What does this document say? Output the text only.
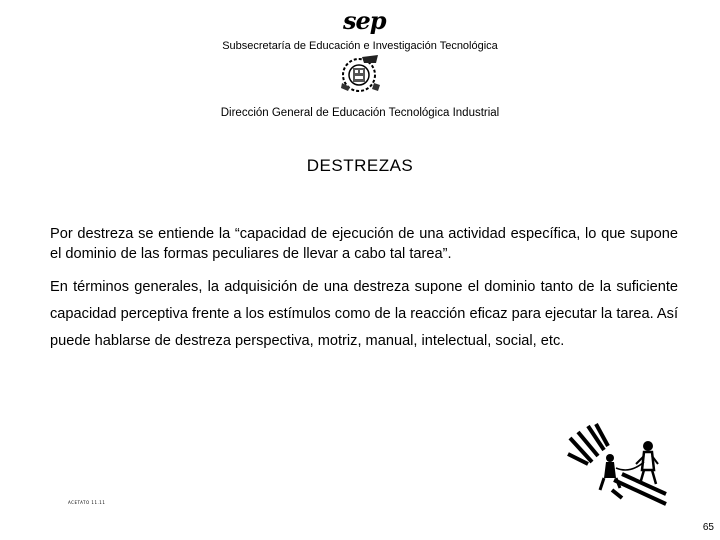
sep
Subsecretaría de Educación e Investigación Tecnológica
Dirección General de Educación Tecnológica Industrial
DESTREZAS
Por destreza se entiende la “capacidad de ejecución de una actividad específica, lo que supone el dominio de las formas peculiares de llevar a cabo tal tarea”.
En términos generales, la adquisición de una destreza supone el dominio tanto de la suficiente capacidad perceptiva frente a los estímulos como de la reacción eficaz para ejecutar la tarea. Así puede hablarse de destreza perspectiva, motriz, manual, intelectual, social, etc.
ACETATO 11.11
65
